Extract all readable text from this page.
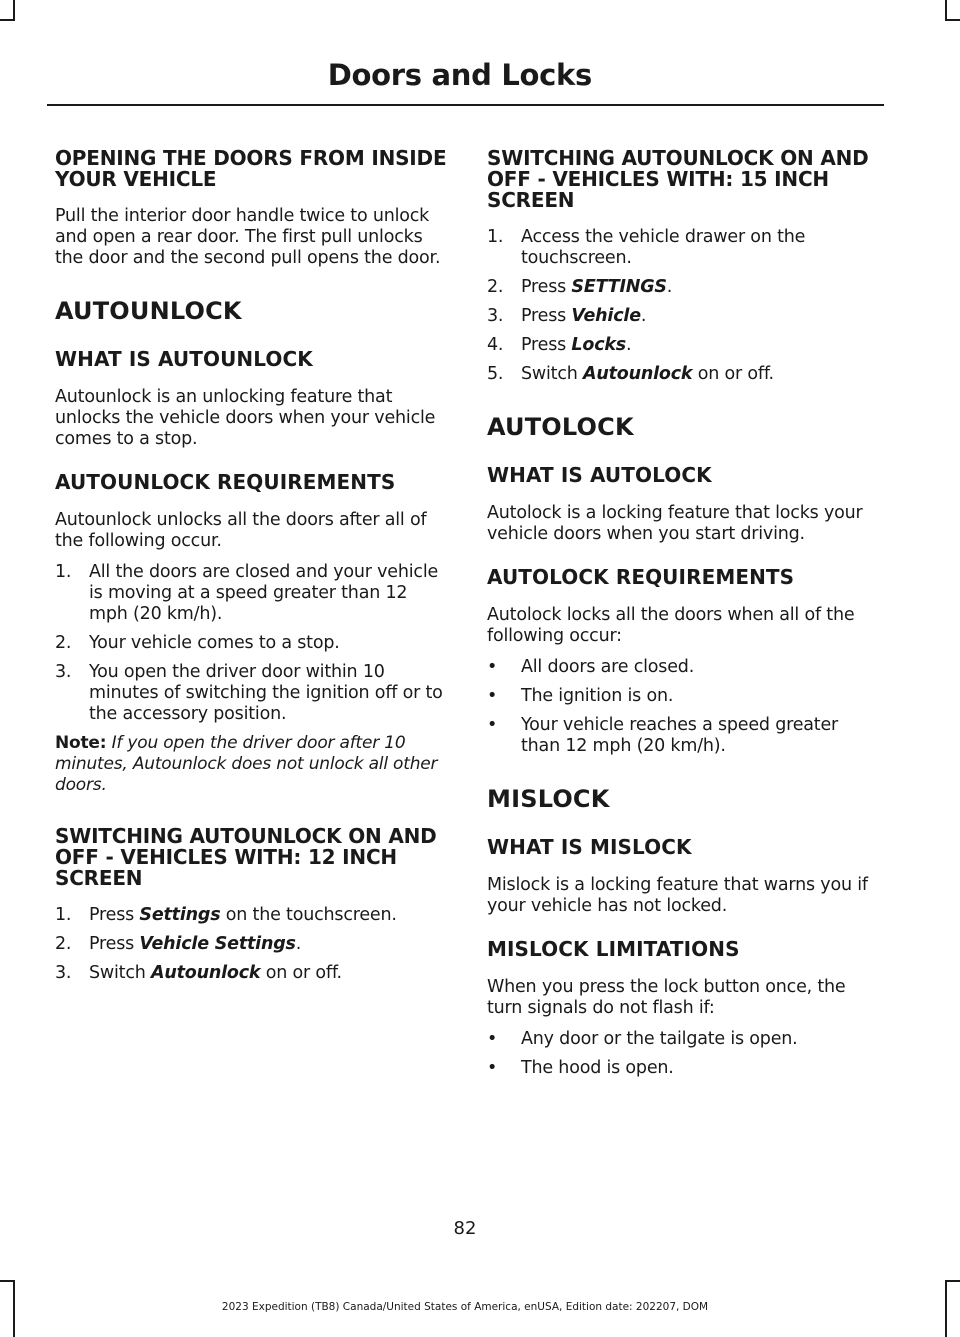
Doors and Locks
OPENING THE DOORS FROM INSIDE YOUR VEHICLE

Pull the interior door handle twice to unlock and open a rear door. The first pull unlocks the door and the second pull opens the door.

AUTOUNLOCK
WHAT IS AUTOUNLOCK

Autounlock is an unlocking feature that unlocks the vehicle doors when your vehicle comes to a stop.

AUTOUNLOCK REQUIREMENTS

Autounlock unlocks all the doors after all of the following occur.

1. All the doors are closed and your vehicle is moving at a speed greater than 12 mph (20 km/h).
2. Your vehicle comes to a stop.
3. You open the driver door within 10 minutes of switching the ignition off or to the accessory position.
Note: If you open the driver door after 10 minutes, Autounlock does not unlock all other doors.
SWITCHING AUTOUNLOCK ON AND OFF - VEHICLES WITH: 12 INCH SCREEN
1. Press Settings on the touchscreen.
2. Press Vehicle Settings.
3. Switch Autounlock on or off.
SWITCHING AUTOUNLOCK ON AND OFF - VEHICLES WITH: 15 INCH SCREEN
1. Access the vehicle drawer on the touchscreen.
2. Press SETTINGS.
3. Press Vehicle.
4. Press Locks.
5. Switch Autounlock on or off.
AUTOLOCK
WHAT IS AUTOLOCK

Autolock is a locking feature that locks your vehicle doors when you start driving.

AUTOLOCK REQUIREMENTS

Autolock locks all the doors when all of the following occur:

• All doors are closed.
• The ignition is on.
• Your vehicle reaches a speed greater than 12 mph (20 km/h).
MISLOCK
WHAT IS MISLOCK

Mislock is a locking feature that warns you if your vehicle has not locked.

MISLOCK LIMITATIONS

When you press the lock button once, the turn signals do not flash if:

• Any door or the tailgate is open.
• The hood is open.
82
2023 Expedition (TB8) Canada/United States of America, enUSA, Edition date: 202207, DOM
